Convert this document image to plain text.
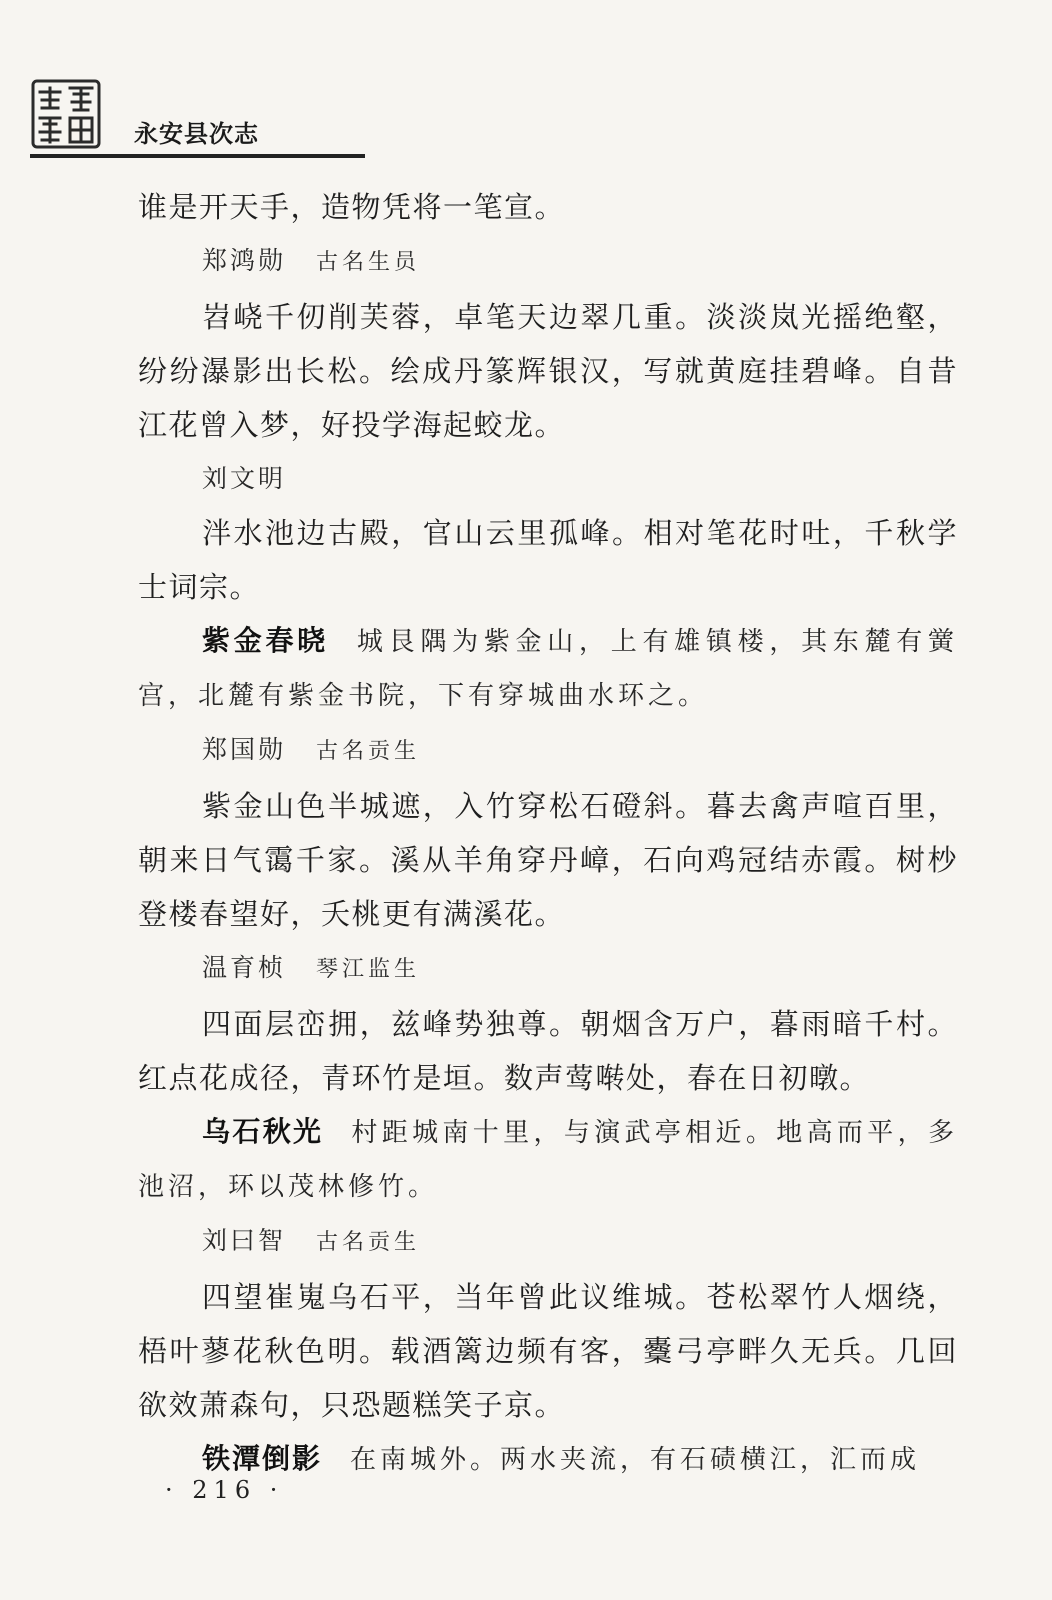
永安县次志

谁是开天手，造物凭将一笔宣。

郑鸿勋 古名生员

岧峣千仞削芙蓉，卓笔天边翠几重。淡淡岚光摇绝壑，纷纷瀑影出长松。绘成丹篆辉银汉，写就黄庭挂碧峰。自昔江花曾入梦，好投学海起蛟龙。

刘文明

泮水池边古殿，官山云里孤峰。相对笔花时吐，千秋学士词宗。

紫金春晓 城艮隅为紫金山，上有雄镇楼，其东麓有黉宫，北麓有紫金书院，下有穿城曲水环之。

郑国勋 古名贡生

紫金山色半城遮，入竹穿松石磴斜。暮去禽声喧百里，朝来日气霭千家。溪从羊角穿丹嶂，石向鸡冠结赤霞。树杪登楼春望好，夭桃更有满溪花。

温育桢 琴江监生

四面层峦拥，兹峰势独尊。朝烟含万户，暮雨暗千村。红点花成径，青环竹是垣。数声莺啭处，春在日初暾。

乌石秋光 村距城南十里，与演武亭相近。地高而平，多池沼，环以茂林修竹。

刘曰智 古名贡生

四望崔嵬乌石平，当年曾此议维城。苍松翠竹人烟绕，梧叶蓼花秋色明。载酒篱边频有客，櫜弓亭畔久无兵。几回欲效萧森句，只恐题糕笑子京。

铁潭倒影 在南城外。两水夹流，有石碛横江，汇而成

· 216 ·
